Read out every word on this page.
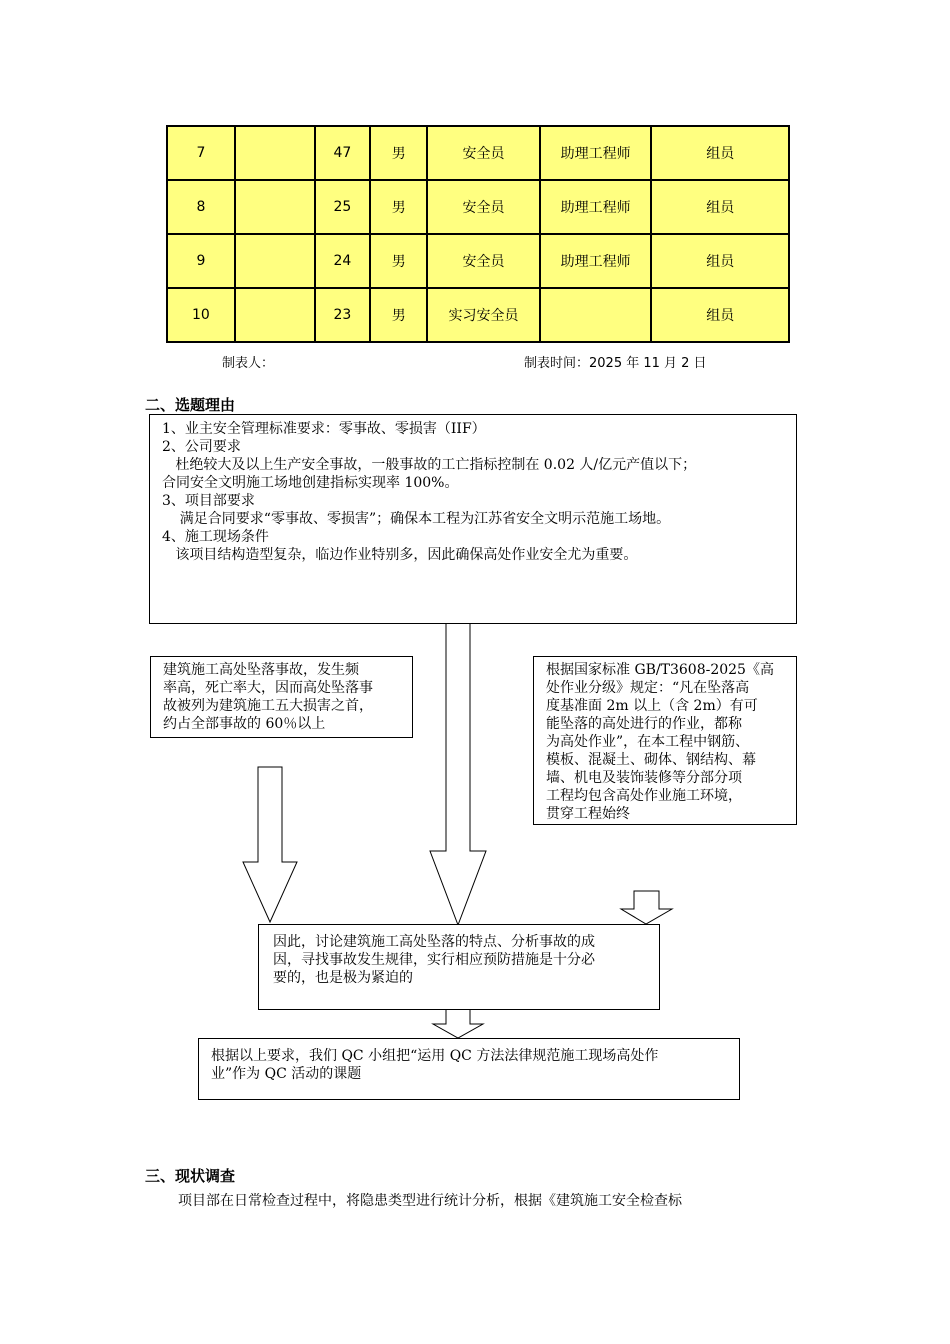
7		47	男	安全员	助理工程师	组员
8		25	男	安全员	助理工程师	组员
9		24	男	安全员	助理工程师	组员
10		23	男	实习安全员		组员
制表人：	制表时间：2025 年 11 月 2 日
二、选题理由
1、业主安全管理标准要求：零事故、零损害（IIF）
2、公司要求
杜绝较大及以上生产安全事故，一般事故的工亡指标控制在 0.02 人/亿元产值以下；
合同安全文明施工场地创建指标实现率 100%。
3、项目部要求
满足合同要求“零事故、零损害”；确保本工程为江苏省安全文明示范施工场地。
4、施工现场条件
该项目结构造型复杂，临边作业特别多，因此确保高处作业安全尤为重要。
建筑施工高处坠落事故，发生频
率高，死亡率大，因而高处坠落事
故被列为建筑施工五大损害之首，
约占全部事故的 60％以上
根据国家标准 GB/T3608-2025《高
处作业分级》规定：“凡在坠落高
度基准面 2m 以上（含 2m）有可
能坠落的高处进行的作业，都称
为高处作业”，在本工程中钢筋、
模板、混凝土、砌体、钢结构、幕
墙、机电及装饰装修等分部分项
工程均包含高处作业施工环境，
贯穿工程始终
因此，讨论建筑施工高处坠落的特点、分析事故的成
因，寻找事故发生规律，实行相应预防措施是十分必
要的，也是极为紧迫的
根据以上要求，我们 QC 小组把“运用 QC 方法法律规范施工现场高处作
业”作为 QC 活动的课题
三、现状调查
项目部在日常检查过程中，将隐患类型进行统计分析，根据《建筑施工安全检查标
